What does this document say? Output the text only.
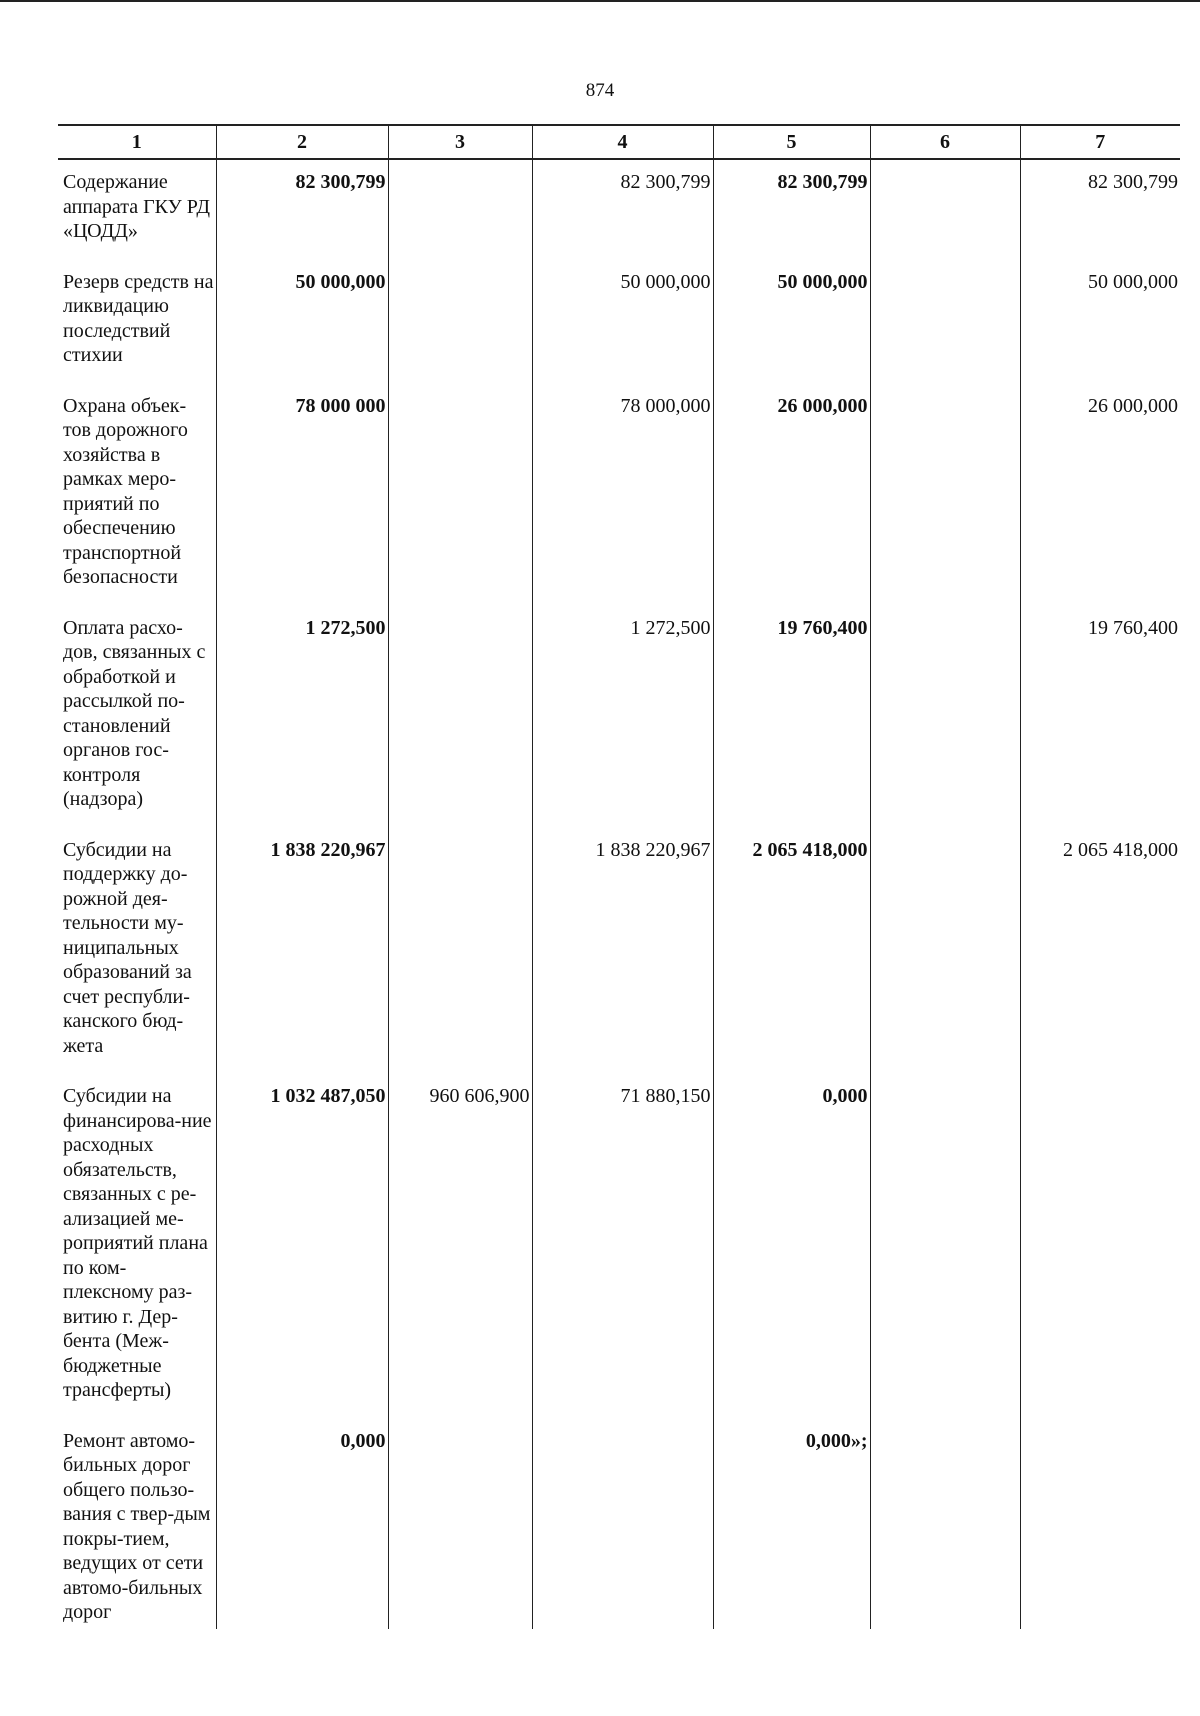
874
1	2	3	4	5	6	7
Содержание аппарата ГКУ РД «ЦОДД»	82 300,799		82 300,799	82 300,799		82 300,799
Резерв средств на ликвидацию последствий стихии	50 000,000		50 000,000	50 000,000		50 000,000
Охрана объек-тов дорожного хозяйства в рамках меро-приятий по обеспечению транспортной безопасности	78 000 000		78 000,000	26 000,000		26 000,000
Оплата расхо-дов, связанных с обработкой и рассылкой по-становлений органов гос-контроля (надзора)	1 272,500		1 272,500	19 760,400		19 760,400
Субсидии на поддержку до-рожной дея-тельности му-ниципальных образований за счет республи-канского бюд-жета	1 838 220,967		1 838 220,967	2 065 418,000		2 065 418,000
Субсидии на финансирова-ние расходных обязательств, связанных с ре-ализацией ме-роприятий плана по ком-плексному раз-витию г. Дер-бента (Меж-бюджетные трансферты)	1 032 487,050	960 606,900	71 880,150	0,000		
Ремонт автомо-бильных дорог общего пользо-вания с твер-дым покры-тием, ведущих от сети автомо-бильных дорог	0,000			0,000»;		
